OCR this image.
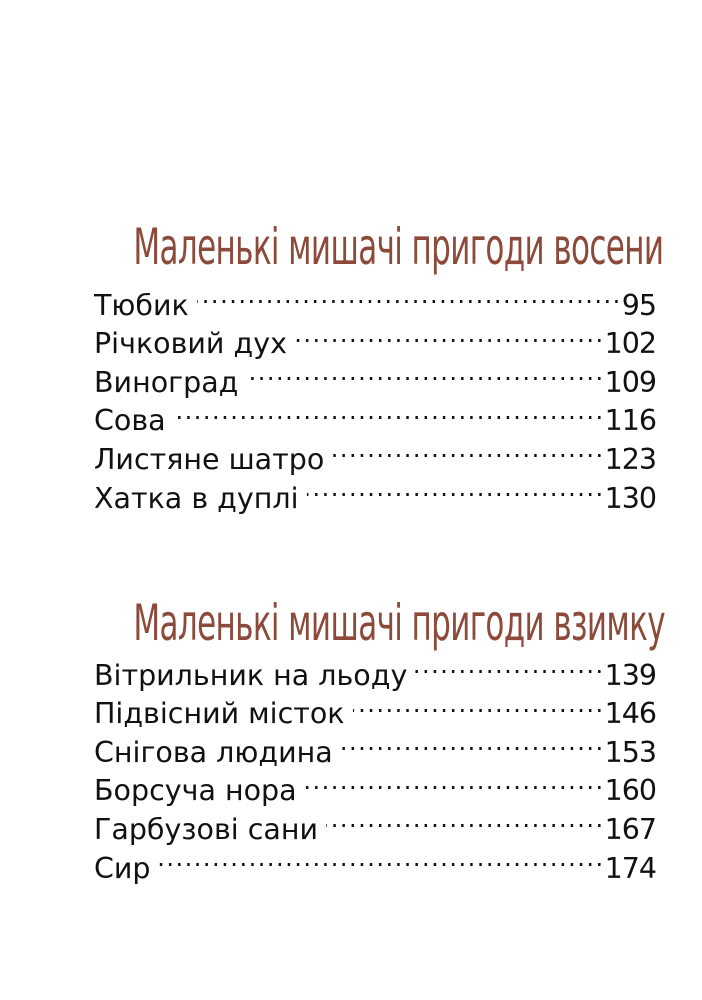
Маленькі мишачі пригоди восени
Тюбик .....	95
Річковий дух .....	102
Виноград .....	109
Сова .....	116
Листяне шатро .....	123
Хатка в дуплі .....	130
Маленькі мишачі пригоди взимку
Вітрильник на льоду .....	139
Підвісний місток .....	146
Снігова людина .....	153
Борсуча нора .....	160
Гарбузові сани .....	167
Сир .....	174
